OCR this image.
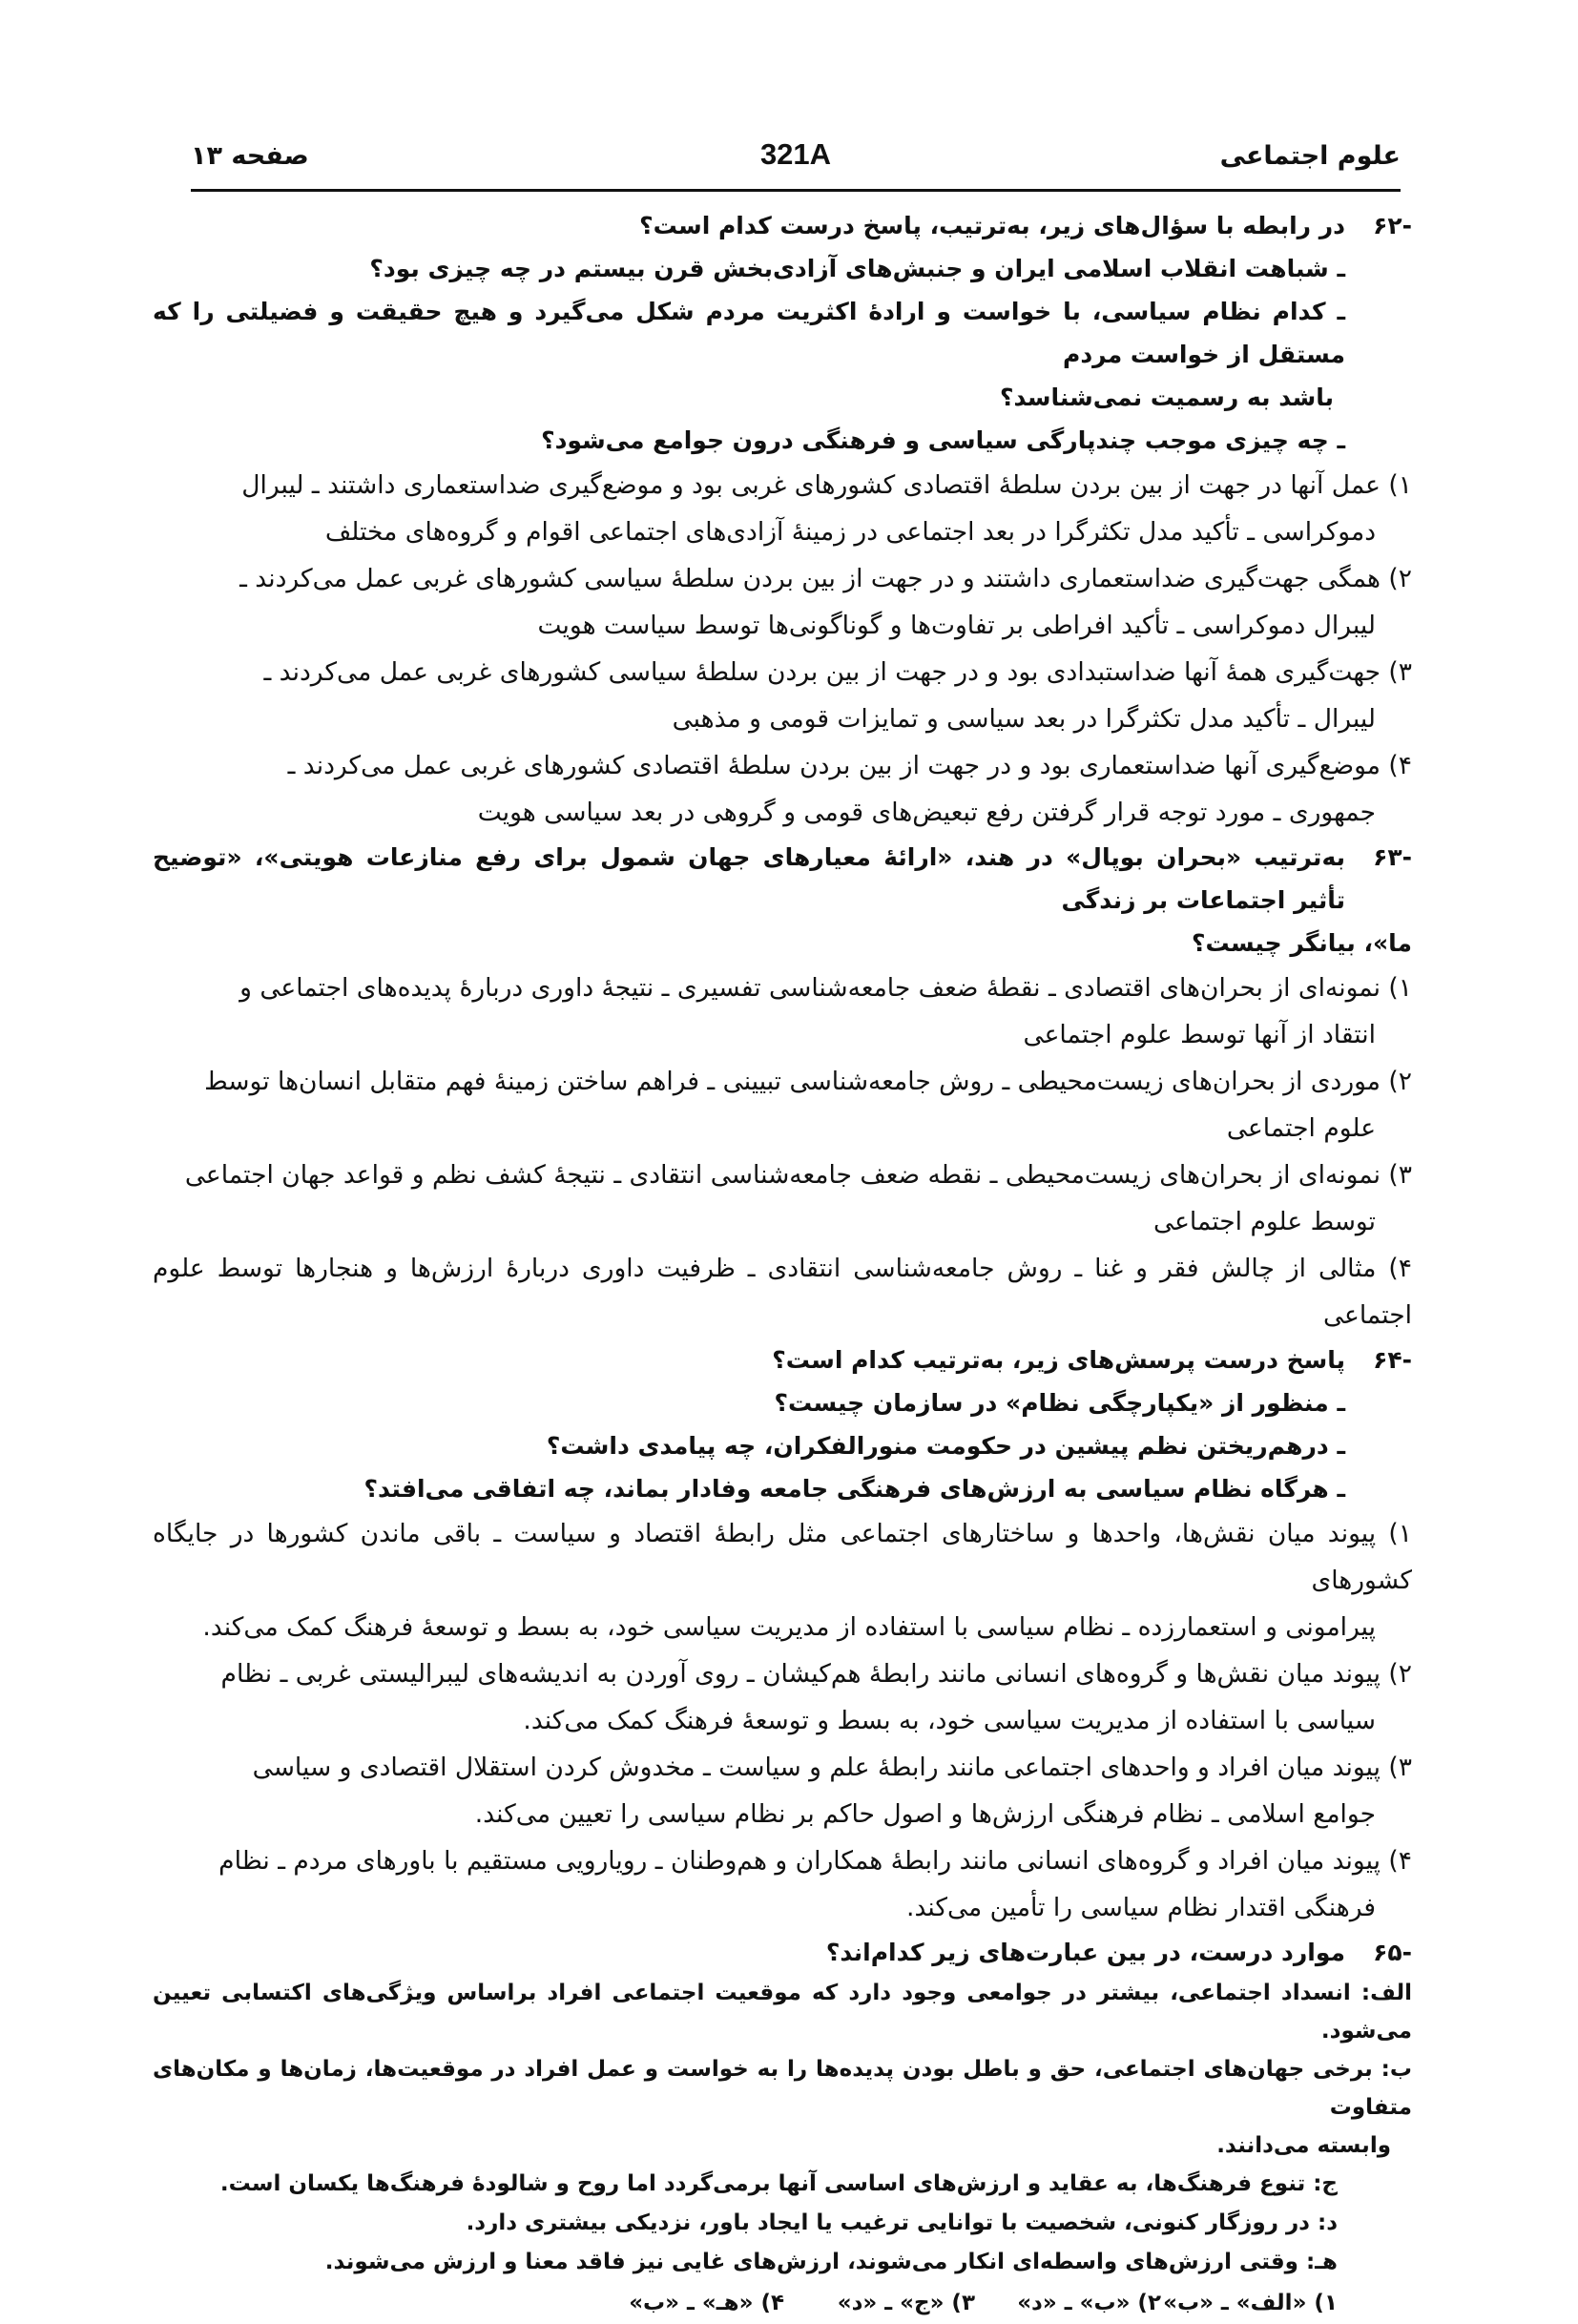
علوم اجتماعی
321A
صفحه ۱۳
-۶۲
در رابطه با سؤال‌های زیر، به‌ترتیب، پاسخ درست کدام است؟
ـ شباهت انقلاب اسلامی ایران و جنبش‌های آزادی‌بخش قرن بیستم در چه چیزی بود؟
ـ کدام نظام سیاسی، با خواست و ارادهٔ اکثریت مردم شکل می‌گیرد و هیچ حقیقت و فضیلتی را که مستقل از خواست مردم
باشد به رسمیت نمی‌شناسد؟
ـ چه چیزی موجب چندپارگی سیاسی و فرهنگی درون جوامع می‌شود؟
۱) عمل آنها در جهت از بین بردن سلطهٔ اقتصادی کشورهای غربی بود و موضع‌گیری ضداستعماری داشتند ـ لیبرال
دموکراسی ـ تأکید مدل تکثرگرا در بعد اجتماعی در زمینهٔ آزادی‌های اجتماعی اقوام و گروه‌های مختلف
۲) همگی جهت‌گیری ضداستعماری داشتند و در جهت از بین بردن سلطهٔ سیاسی کشورهای غربی عمل می‌کردند ـ
لیبرال دموکراسی ـ تأکید افراطی بر تفاوت‌ها و گوناگونی‌ها توسط سیاست هویت
۳) جهت‌گیری همهٔ آنها ضداستبدادی بود و در جهت از بین بردن سلطهٔ سیاسی کشورهای غربی عمل می‌کردند ـ
لیبرال ـ تأکید مدل تکثرگرا در بعد سیاسی و تمایزات قومی و مذهبی
۴) موضع‌گیری آنها ضداستعماری بود و در جهت از بین بردن سلطهٔ اقتصادی کشورهای غربی عمل می‌کردند ـ
جمهوری ـ مورد توجه قرار گرفتن رفع تبعیض‌های قومی و گروهی در بعد سیاسی هویت
-۶۳
به‌ترتیب «بحران بوپال» در هند، «ارائهٔ معیارهای جهان شمول برای رفع منازعات هویتی»، «توضیح تأثیر اجتماعات بر زندگی
ما»، بیانگر چیست؟
۱) نمونه‌ای از بحران‌های اقتصادی ـ نقطهٔ ضعف جامعه‌شناسی تفسیری ـ نتیجهٔ داوری دربارهٔ پدیده‌های اجتماعی و
انتقاد از آنها توسط علوم اجتماعی
۲) موردی از بحران‌های زیست‌محیطی ـ روش جامعه‌شناسی تبیینی ـ فراهم ساختن زمینهٔ فهم متقابل انسان‌ها توسط
علوم اجتماعی
۳) نمونه‌ای از بحران‌های زیست‌محیطی ـ نقطه ضعف جامعه‌شناسی انتقادی ـ نتیجهٔ کشف نظم و قواعد جهان اجتماعی
توسط علوم اجتماعی
۴) مثالی از چالش فقر و غنا ـ روش جامعه‌شناسی انتقادی ـ ظرفیت داوری دربارهٔ ارزش‌ها و هنجارها توسط علوم اجتماعی
-۶۴
پاسخ درست پرسش‌های زیر، به‌ترتیب کدام است؟
ـ منظور از «یکپارچگی نظام» در سازمان چیست؟
ـ درهم‌ریختن نظم پیشین در حکومت منورالفکران، چه پیامدی داشت؟
ـ هرگاه نظام سیاسی به ارزش‌های فرهنگی جامعه وفادار بماند، چه اتفاقی می‌افتد؟
۱) پیوند میان نقش‌ها، واحدها و ساختارهای اجتماعی مثل رابطهٔ اقتصاد و سیاست ـ باقی ماندن کشورها در جایگاه کشورهای
پیرامونی و استعمارزده ـ نظام سیاسی با استفاده از مدیریت سیاسی خود، به بسط و توسعهٔ فرهنگ کمک می‌کند.
۲) پیوند میان نقش‌ها و گروه‌های انسانی مانند رابطهٔ هم‌کیشان ـ روی آوردن به اندیشه‌های لیبرالیستی غربی ـ نظام
سیاسی با استفاده از مدیریت سیاسی خود، به بسط و توسعهٔ فرهنگ کمک می‌کند.
۳) پیوند میان افراد و واحدهای اجتماعی مانند رابطهٔ علم و سیاست ـ مخدوش کردن استقلال اقتصادی و سیاسی
جوامع اسلامی ـ نظام فرهنگی ارزش‌ها و اصول حاکم بر نظام سیاسی را تعیین می‌کند.
۴) پیوند میان افراد و گروه‌های انسانی مانند رابطهٔ همکاران و هم‌وطنان ـ رویارویی مستقیم با باورهای مردم ـ نظام
فرهنگی اقتدار نظام سیاسی را تأمین می‌کند.
-۶۵
موارد درست، در بین عبارت‌های زیر کدام‌اند؟
الف: انسداد اجتماعی، بیشتر در جوامعی وجود دارد که موقعیت اجتماعی افراد براساس ویژگی‌های اکتسابی تعیین می‌شود.
ب: برخی جهان‌های اجتماعی، حق و باطل بودن پدیده‌ها را به خواست و عمل افراد در موقعیت‌ها، زمان‌ها و مکان‌های متفاوت
وابسته می‌دانند.
ج: تنوع فرهنگ‌ها، به عقاید و ارزش‌های اساسی آنها برمی‌گردد اما روح و شالودهٔ فرهنگ‌ها یکسان است.
د: در روزگار کنونی، شخصیت با توانایی ترغیب یا ایجاد باور، نزدیکی بیشتری دارد.
هـ: وقتی ارزش‌های واسطه‌ای انکار می‌شوند، ارزش‌های غایی نیز فاقد معنا و ارزش می‌شوند.
۱) «الف» ـ «ب»
۲) «ب» ـ «د»
۳) «ج» ـ «د»
۴) «هـ» ـ «ب»
